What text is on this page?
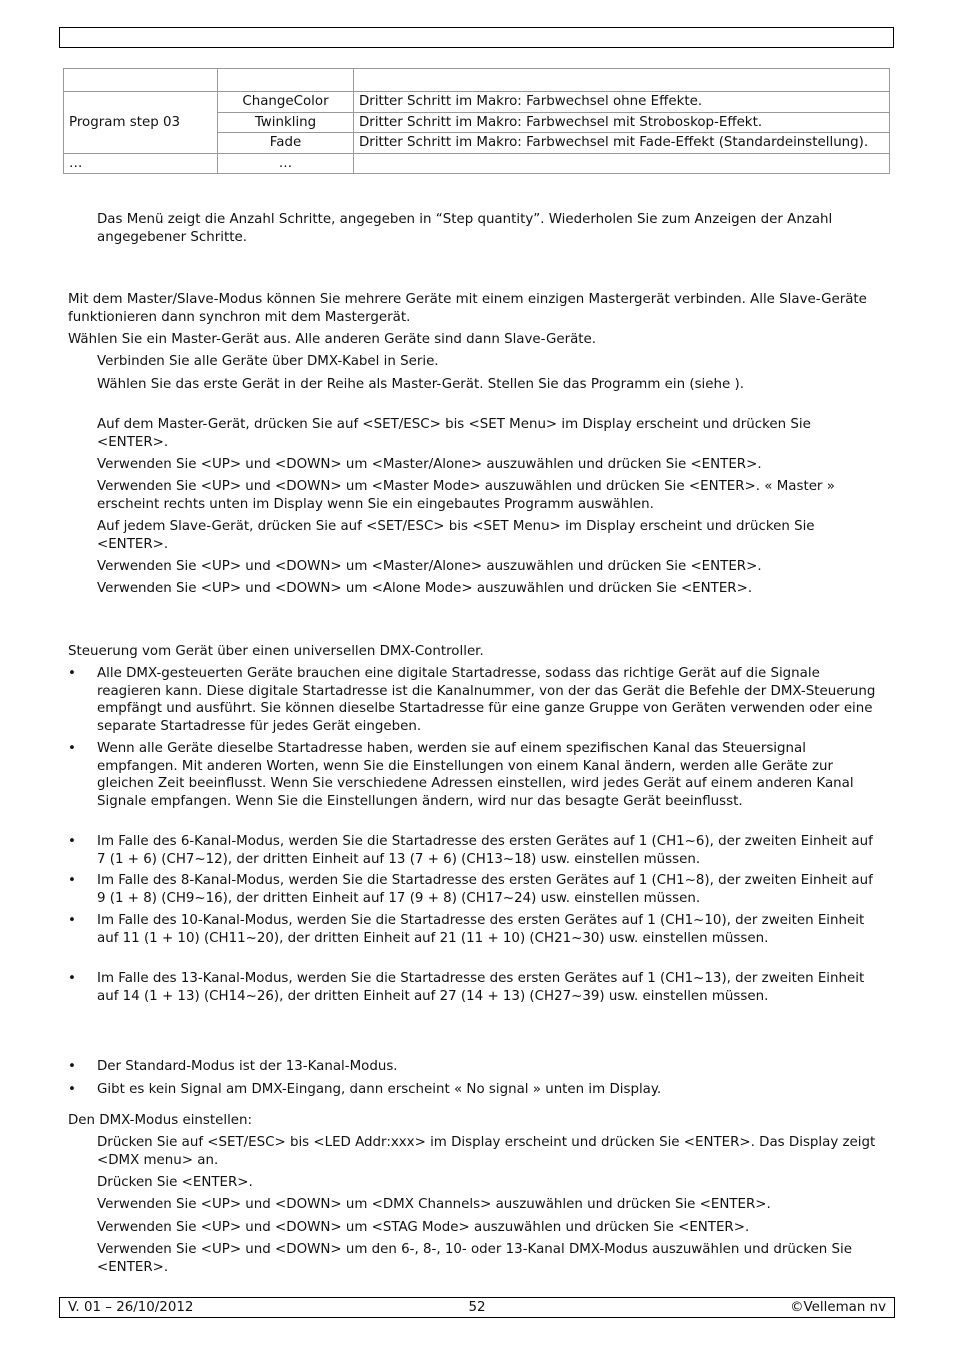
Program step 03	ChangeColor	Dritter Schritt im Makro: Farbwechsel ohne Effekte.
	Twinkling	Dritter Schritt im Makro: Farbwechsel mit Stroboskop-Effekt.
	Fade	Dritter Schritt im Makro: Farbwechsel mit Fade-Effekt (Standardeinstellung).
…	…	

Das Menü zeigt die Anzahl Schritte, angegeben in “Step quantity”. Wiederholen Sie zum Anzeigen der Anzahl angegebener Schritte.

Mit dem Master/Slave-Modus können Sie mehrere Geräte mit einem einzigen Mastergerät verbinden. Alle Slave-Geräte funktionieren dann synchron mit dem Mastergerät.

Wählen Sie ein Master-Gerät aus. Alle anderen Geräte sind dann Slave-Geräte.

Verbinden Sie alle Geräte über DMX-Kabel in Serie.

Wählen Sie das erste Gerät in der Reihe als Master-Gerät. Stellen Sie das Programm ein (siehe ).

Auf dem Master-Gerät, drücken Sie auf <SET/ESC> bis <SET Menu> im Display erscheint und drücken Sie <ENTER>.

Verwenden Sie <UP> und <DOWN> um <Master/Alone> auszuwählen und drücken Sie <ENTER>.

Verwenden Sie <UP> und <DOWN> um <Master Mode> auszuwählen und drücken Sie <ENTER>. « Master » erscheint rechts unten im Display wenn Sie ein eingebautes Programm auswählen.

Auf jedem Slave-Gerät, drücken Sie auf <SET/ESC> bis <SET Menu> im Display erscheint und drücken Sie <ENTER>.

Verwenden Sie <UP> und <DOWN> um <Master/Alone> auszuwählen und drücken Sie <ENTER>.

Verwenden Sie <UP> und <DOWN> um <Alone Mode> auszuwählen und drücken Sie <ENTER>.

Steuerung vom Gerät über einen universellen DMX-Controller.

• Alle DMX-gesteuerten Geräte brauchen eine digitale Startadresse, sodass das richtige Gerät auf die Signale reagieren kann. Diese digitale Startadresse ist die Kanalnummer, von der das Gerät die Befehle der DMX-Steuerung empfängt und ausführt. Sie können dieselbe Startadresse für eine ganze Gruppe von Geräten verwenden oder eine separate Startadresse für jedes Gerät eingeben.
• Wenn alle Geräte dieselbe Startadresse haben, werden sie auf einem spezifischen Kanal das Steuersignal empfangen. Mit anderen Worten, wenn Sie die Einstellungen von einem Kanal ändern, werden alle Geräte zur gleichen Zeit beeinflusst. Wenn Sie verschiedene Adressen einstellen, wird jedes Gerät auf einem anderen Kanal Signale empfangen. Wenn Sie die Einstellungen ändern, wird nur das besagte Gerät beeinflusst.
• Im Falle des 6-Kanal-Modus, werden Sie die Startadresse des ersten Gerätes auf 1 (CH1~6), der zweiten Einheit auf 7 (1 + 6) (CH7~12), der dritten Einheit auf 13 (7 + 6) (CH13~18) usw. einstellen müssen.
• Im Falle des 8-Kanal-Modus, werden Sie die Startadresse des ersten Gerätes auf 1 (CH1~8), der zweiten Einheit auf 9 (1 + 8) (CH9~16), der dritten Einheit auf 17 (9 + 8) (CH17~24) usw. einstellen müssen.
• Im Falle des 10-Kanal-Modus, werden Sie die Startadresse des ersten Gerätes auf 1 (CH1~10), der zweiten Einheit auf 11 (1 + 10) (CH11~20), der dritten Einheit auf 21 (11 + 10) (CH21~30) usw. einstellen müssen.
• Im Falle des 13-Kanal-Modus, werden Sie die Startadresse des ersten Gerätes auf 1 (CH1~13), der zweiten Einheit auf 14 (1 + 13) (CH14~26), der dritten Einheit auf 27 (14 + 13) (CH27~39) usw. einstellen müssen.
• Der Standard-Modus ist der 13-Kanal-Modus.
• Gibt es kein Signal am DMX-Eingang, dann erscheint « No signal » unten im Display.

Den DMX-Modus einstellen:

Drücken Sie auf <SET/ESC> bis <LED Addr:xxx> im Display erscheint und drücken Sie <ENTER>. Das Display zeigt <DMX menu> an.

Drücken Sie <ENTER>.

Verwenden Sie <UP> und <DOWN> um <DMX Channels> auszuwählen und drücken Sie <ENTER>.

Verwenden Sie <UP> und <DOWN> um <STAG Mode> auszuwählen und drücken Sie <ENTER>.

Verwenden Sie <UP> und <DOWN> um den 6-, 8-, 10- oder 13-Kanal DMX-Modus auszuwählen und drücken Sie <ENTER>.

V. 01 – 26/10/2012	52	©Velleman nv
